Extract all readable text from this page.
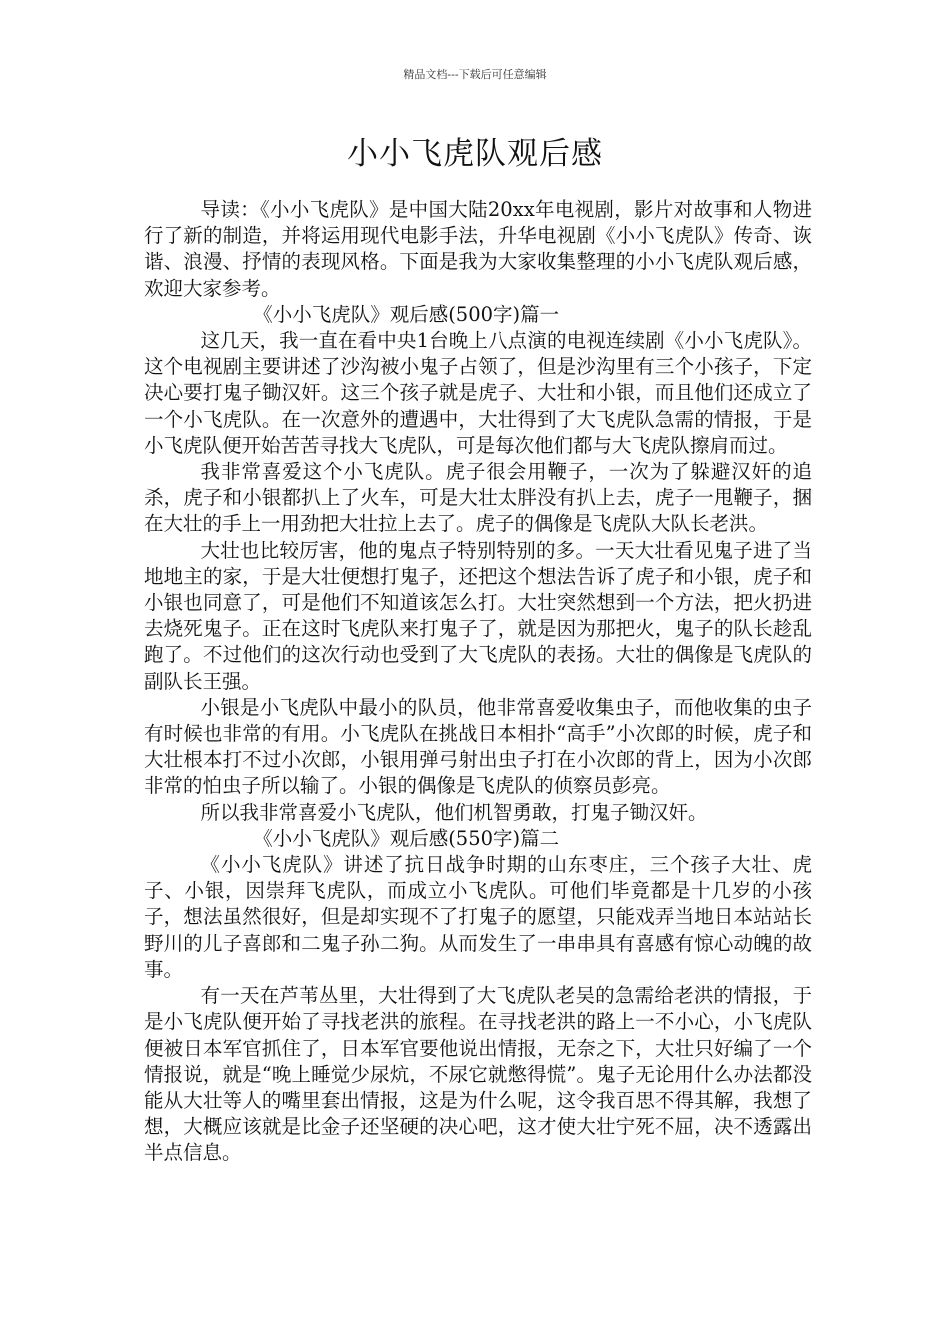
精品文档---下载后可任意编辑
小小飞虎队观后感

导读：《小小飞虎队》是中国大陆20xx年电视剧，影片对故事和人物进行了新的制造，并将运用现代电影手法，升华电视剧《小小飞虎队》传奇、诙谐、浪漫、抒情的表现风格。下面是我为大家收集整理的小小飞虎队观后感，欢迎大家参考。

《小小飞虎队》观后感(500字)篇一

这几天，我一直在看中央1台晚上八点演的电视连续剧《小小飞虎队》。这个电视剧主要讲述了沙沟被小鬼子占领了，但是沙沟里有三个小孩子，下定决心要打鬼子锄汉奸。这三个孩子就是虎子、大壮和小银，而且他们还成立了一个小飞虎队。在一次意外的遭遇中，大壮得到了大飞虎队急需的情报，于是小飞虎队便开始苦苦寻找大飞虎队，可是每次他们都与大飞虎队擦肩而过。

我非常喜爱这个小飞虎队。虎子很会用鞭子，一次为了躲避汉奸的追杀，虎子和小银都扒上了火车，可是大壮太胖没有扒上去，虎子一甩鞭子，捆在大壮的手上一用劲把大壮拉上去了。虎子的偶像是飞虎队大队长老洪。

大壮也比较厉害，他的鬼点子特别特别的多。一天大壮看见鬼子进了当地地主的家，于是大壮便想打鬼子，还把这个想法告诉了虎子和小银，虎子和小银也同意了，可是他们不知道该怎么打。大壮突然想到一个方法，把火扔进去烧死鬼子。正在这时飞虎队来打鬼子了，就是因为那把火，鬼子的队长趁乱跑了。不过他们的这次行动也受到了大飞虎队的表扬。大壮的偶像是飞虎队的副队长王强。

小银是小飞虎队中最小的队员，他非常喜爱收集虫子，而他收集的虫子有时候也非常的有用。小飞虎队在挑战日本相扑“高手”小次郎的时候，虎子和大壮根本打不过小次郎，小银用弹弓射出虫子打在小次郎的背上，因为小次郎非常的怕虫子所以输了。小银的偶像是飞虎队的侦察员彭亮。

所以我非常喜爱小飞虎队，他们机智勇敢，打鬼子锄汉奸。

《小小飞虎队》观后感(550字)篇二

《小小飞虎队》讲述了抗日战争时期的山东枣庄，三个孩子大壮、虎子、小银，因崇拜飞虎队，而成立小飞虎队。可他们毕竟都是十几岁的小孩子，想法虽然很好，但是却实现不了打鬼子的愿望，只能戏弄当地日本站站长野川的儿子喜郎和二鬼子孙二狗。从而发生了一串串具有喜感有惊心动魄的故事。

有一天在芦苇丛里，大壮得到了大飞虎队老吴的急需给老洪的情报，于是小飞虎队便开始了寻找老洪的旅程。在寻找老洪的路上一不小心，小飞虎队便被日本军官抓住了，日本军官要他说出情报，无奈之下，大壮只好编了一个情报说，就是“晚上睡觉少尿炕，不尿它就憋得慌”。鬼子无论用什么办法都没能从大壮等人的嘴里套出情报，这是为什么呢，这令我百思不得其解，我想了想，大概应该就是比金子还坚硬的决心吧，这才使大壮宁死不屈，决不透露出半点信息。
